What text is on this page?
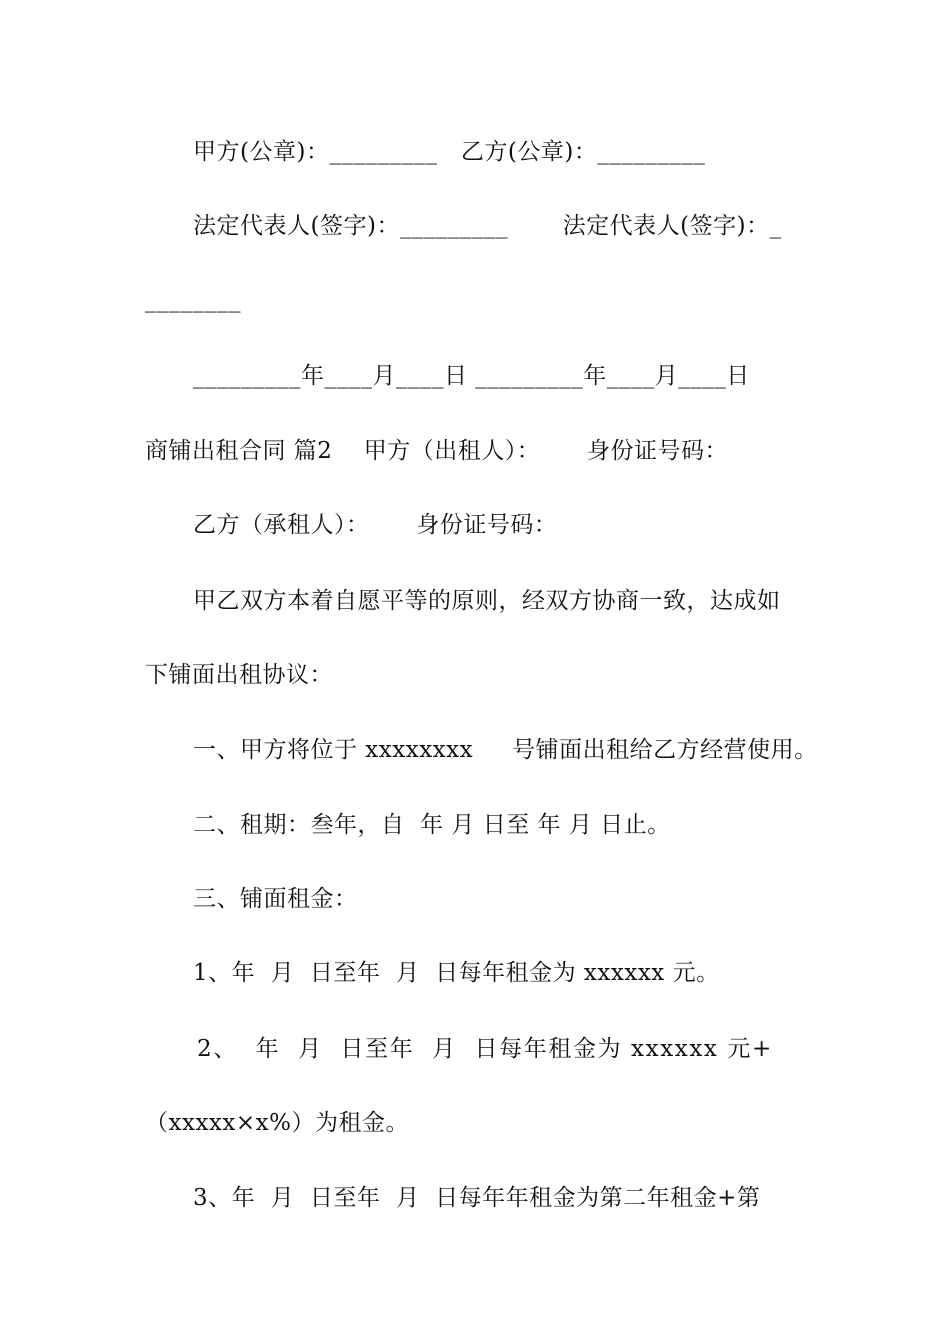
甲方(公章)：_________   乙方(公章)：_________
法定代表人(签字)：_________       法定代表人(签字)：_
________
_________年____月____日 _________年____月____日
商铺出租合同 篇2    甲方（出租人）：      身份证号码：
乙方（承租人）：      身份证号码：
甲乙双方本着自愿平等的原则，经双方协商一致，达成如
下铺面出租协议：
一、甲方将位于 xxxxxxxx     号铺面出租给乙方经营使用。
二、租期：叁年，自  年 月 日至 年 月 日止。
三、铺面租金：
1、年  月  日至年  月  日每年租金为 xxxxxx 元。
2、  年  月  日至年  月  日每年租金为 xxxxxx 元+
（xxxxx×x%）为租金。
3、年  月  日至年  月  日每年年租金为第二年租金+第
